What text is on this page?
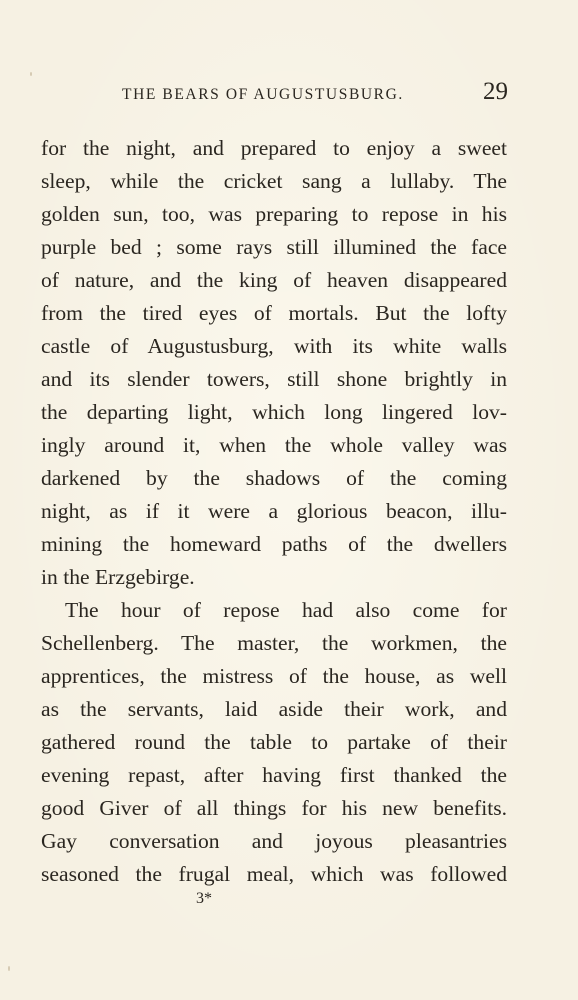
THE BEARS OF AUGUSTUSBURG.	29
for the night, and prepared to enjoy a sweet
sleep, while the cricket sang a lullaby. The
golden sun, too, was preparing to repose in his
purple bed ; some rays still illumined the face
of nature, and the king of heaven disappeared
from the tired eyes of mortals. But the lofty
castle of Augustusburg, with its white walls
and its slender towers, still shone brightly in
the departing light, which long lingered lov-
ingly around it, when the whole valley was
darkened by the shadows of the coming
night, as if it were a glorious beacon, illu-
mining the homeward paths of the dwellers
in the Erzgebirge.
The hour of repose had also come for
Schellenberg. The master, the workmen, the
apprentices, the mistress of the house, as well
as the servants, laid aside their work, and
gathered round the table to partake of their
evening repast, after having first thanked the
good Giver of all things for his new benefits.
Gay conversation and joyous pleasantries
seasoned the frugal meal, which was followed
3*
